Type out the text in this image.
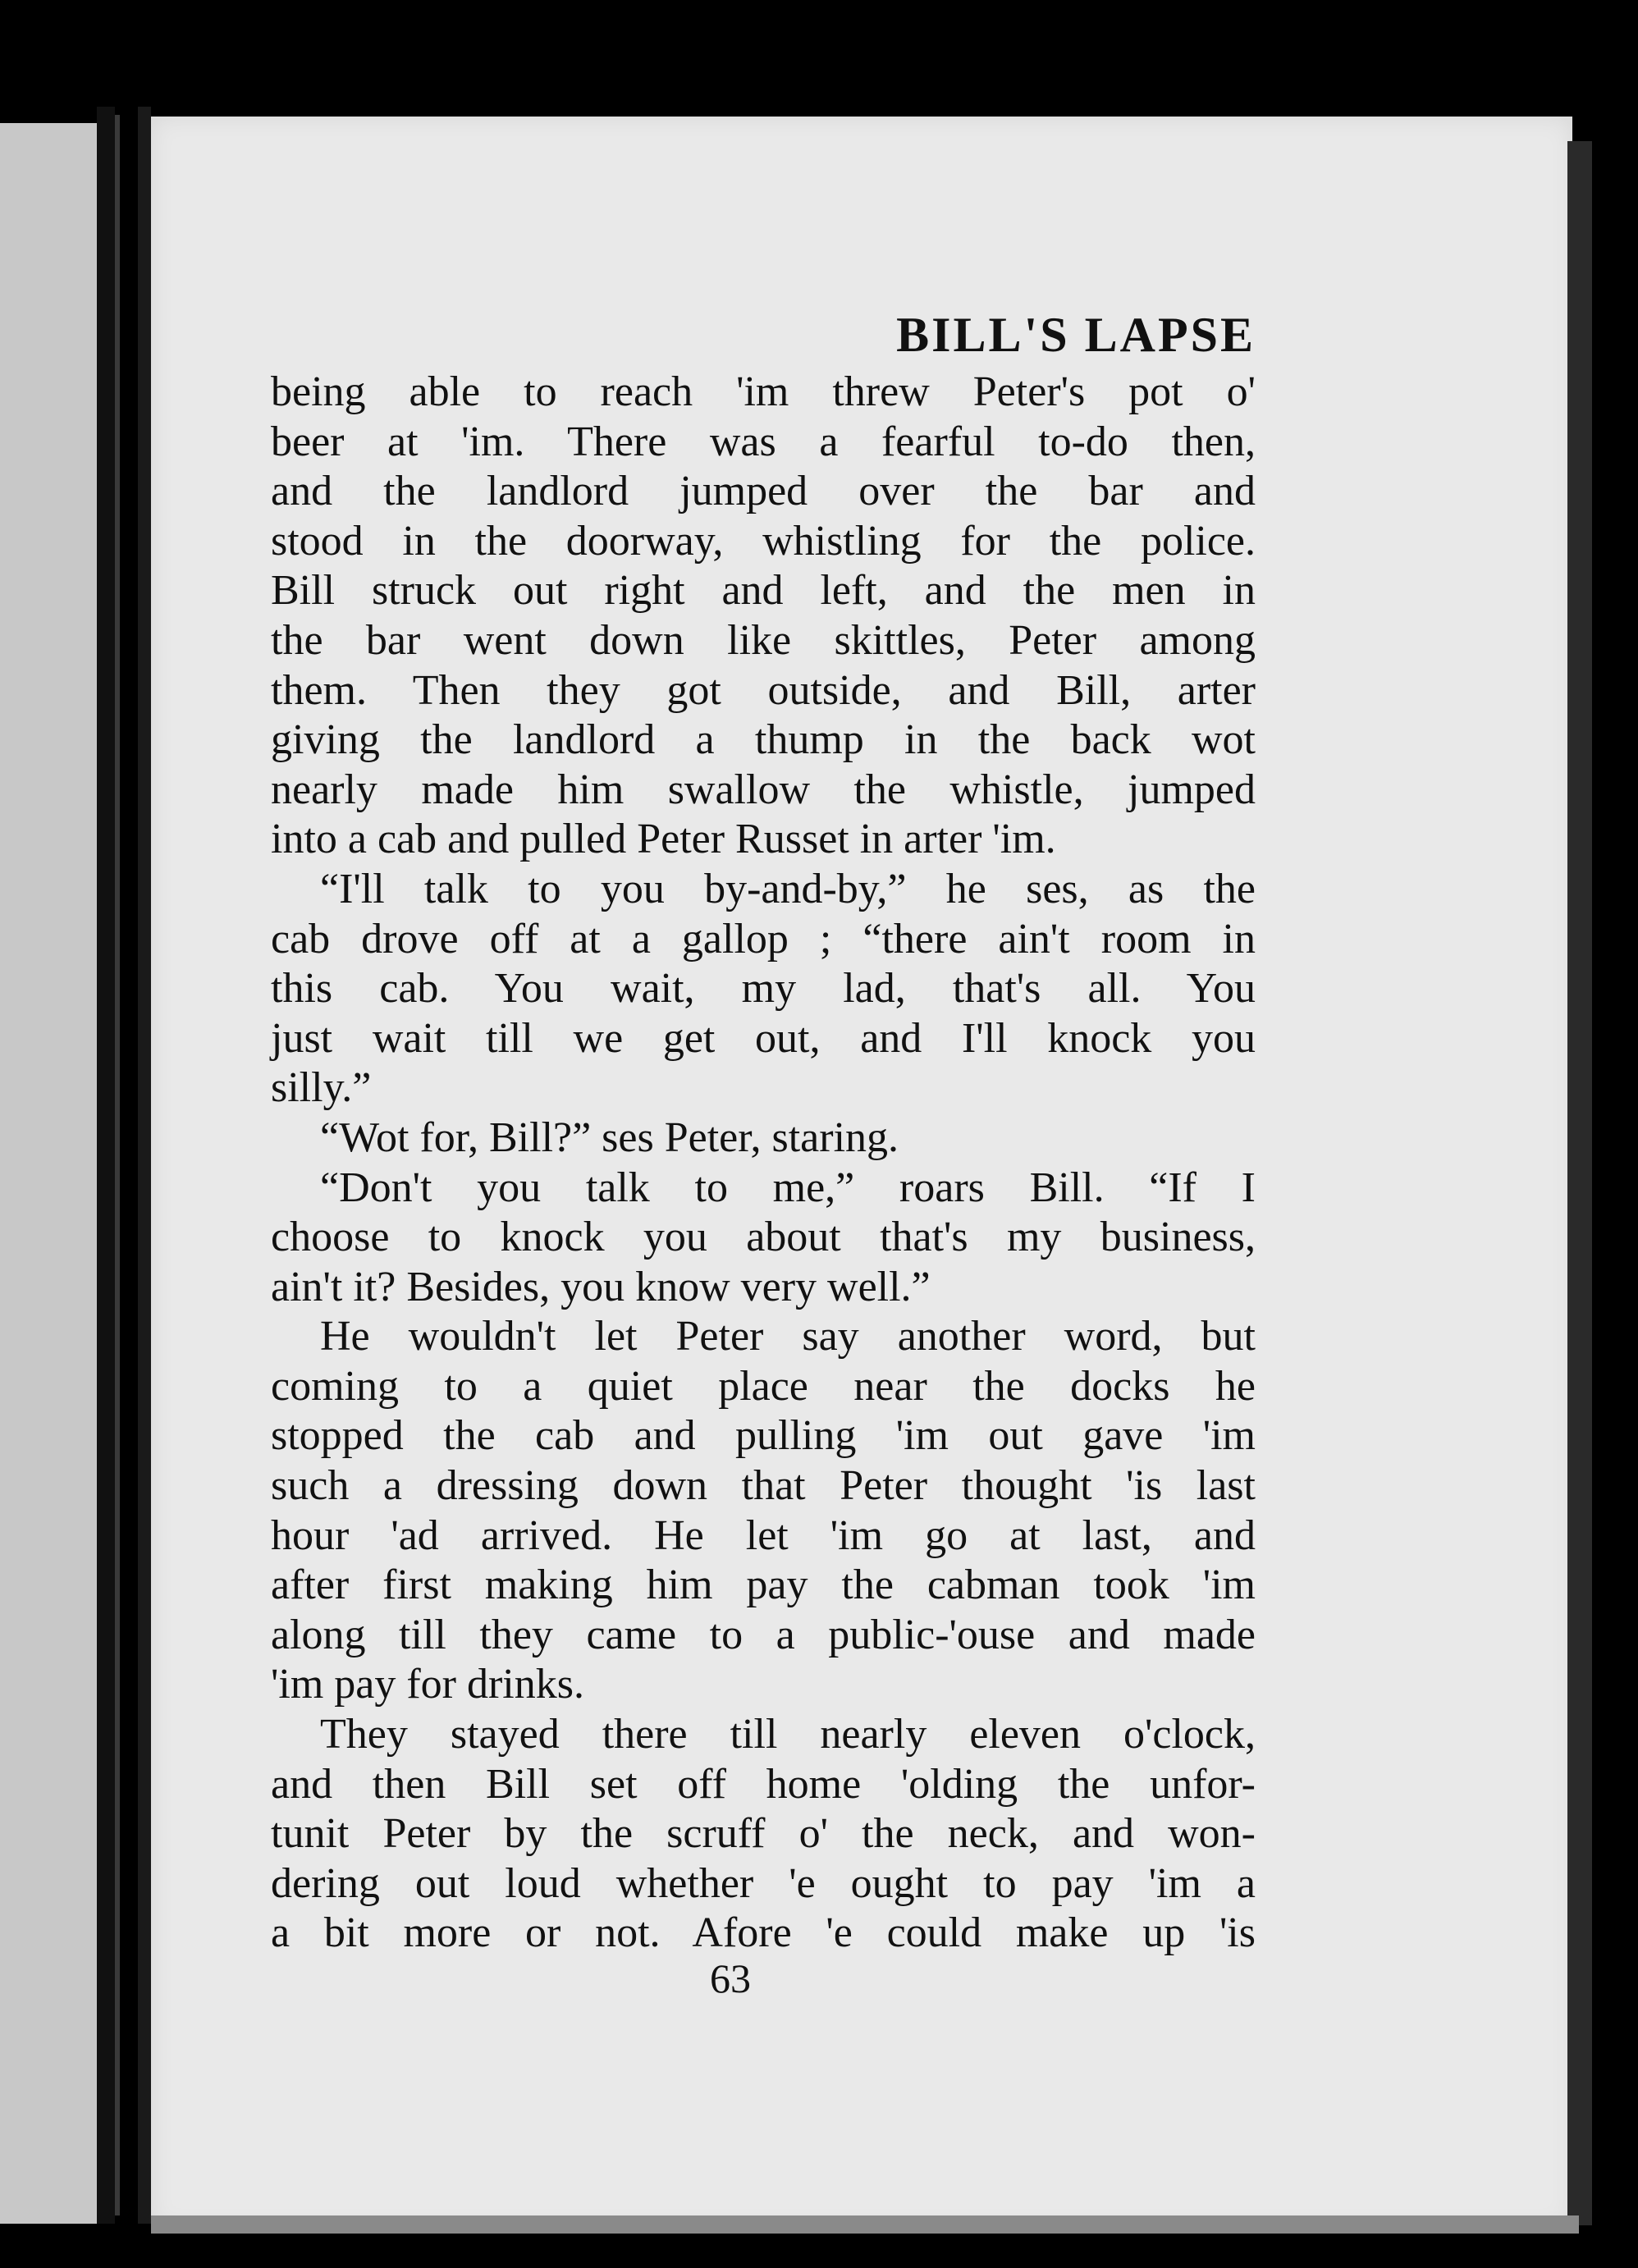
BILL'S LAPSE
being able to reach 'im threw Peter's pot o'
beer at 'im. There was a fearful to-do then,
and the landlord jumped over the bar and
stood in the doorway, whistling for the police.
Bill struck out right and left, and the men in
the bar went down like skittles, Peter among
them. Then they got outside, and Bill, arter
giving the landlord a thump in the back wot
nearly made him swallow the whistle, jumped
into a cab and pulled Peter Russet in arter 'im.
“I'll talk to you by-and-by,” he ses, as the
cab drove off at a gallop ; “there ain't room in
this cab. You wait, my lad, that's all. You
just wait till we get out, and I'll knock you
silly.”
“Wot for, Bill?” ses Peter, staring.
“Don't you talk to me,” roars Bill. “If I
choose to knock you about that's my business,
ain't it? Besides, you know very well.”
He wouldn't let Peter say another word, but
coming to a quiet place near the docks he
stopped the cab and pulling 'im out gave 'im
such a dressing down that Peter thought 'is last
hour 'ad arrived. He let 'im go at last, and
after first making him pay the cabman took 'im
along till they came to a public-'ouse and made
'im pay for drinks.
They stayed there till nearly eleven o'clock,
and then Bill set off home 'olding the unfor-
tunit Peter by the scruff o' the neck, and won-
dering out loud whether 'e ought to pay 'im a
a bit more or not. Afore 'e could make up 'is
63
